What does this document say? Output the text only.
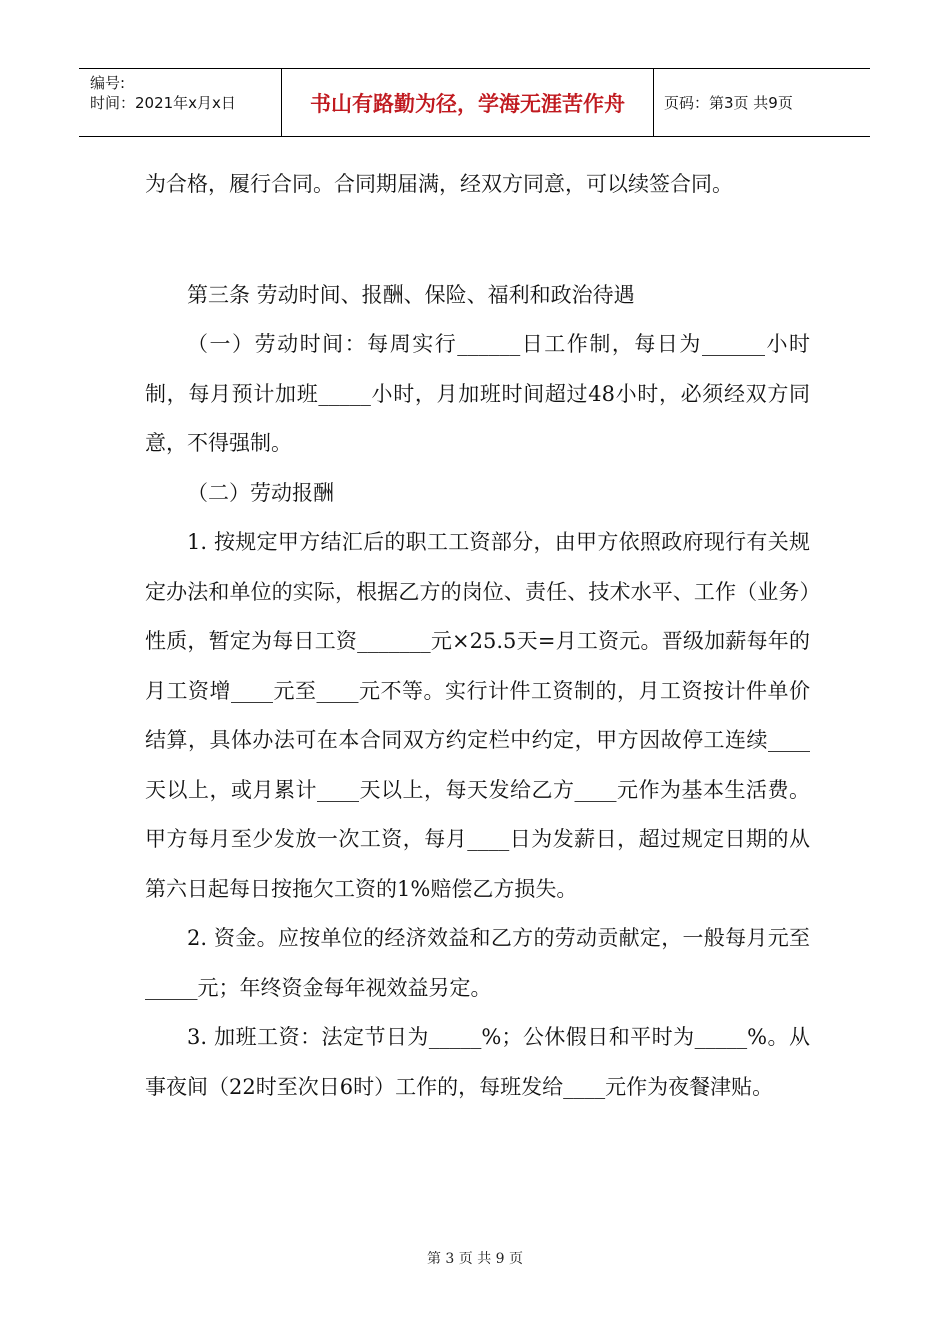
编号:
时间：2021年x月x日	书山有路勤为径，学海无涯苦作舟	页码：第3页 共9页

为合格，履行合同。合同期届满，经双方同意，可以续签合同。

第三条 劳动时间、报酬、保险、福利和政治待遇

（一）劳动时间：每周实行______日工作制，每日为______小时制，每月预计加班_____小时，月加班时间超过48小时，必须经双方同意，不得强制。

（二）劳动报酬

1. 按规定甲方结汇后的职工工资部分，由甲方依照政府现行有关规定办法和单位的实际，根据乙方的岗位、责任、技术水平、工作（业务）性质，暂定为每日工资_______元×25.5天=月工资元。晋级加薪每年的月工资增____元至____元不等。实行计件工资制的，月工资按计件单价结算，具体办法可在本合同双方约定栏中约定，甲方因故停工连续____天以上，或月累计____天以上，每天发给乙方____元作为基本生活费。甲方每月至少发放一次工资，每月____日为发薪日，超过规定日期的从第六日起每日按拖欠工资的1%赔偿乙方损失。

2. 资金。应按单位的经济效益和乙方的劳动贡献定，一般每月元至_____元；年终资金每年视效益另定。

3. 加班工资：法定节日为_____%；公休假日和平时为_____%。从事夜间（22时至次日6时）工作的，每班发给____元作为夜餐津贴。

第 3 页 共 9 页
